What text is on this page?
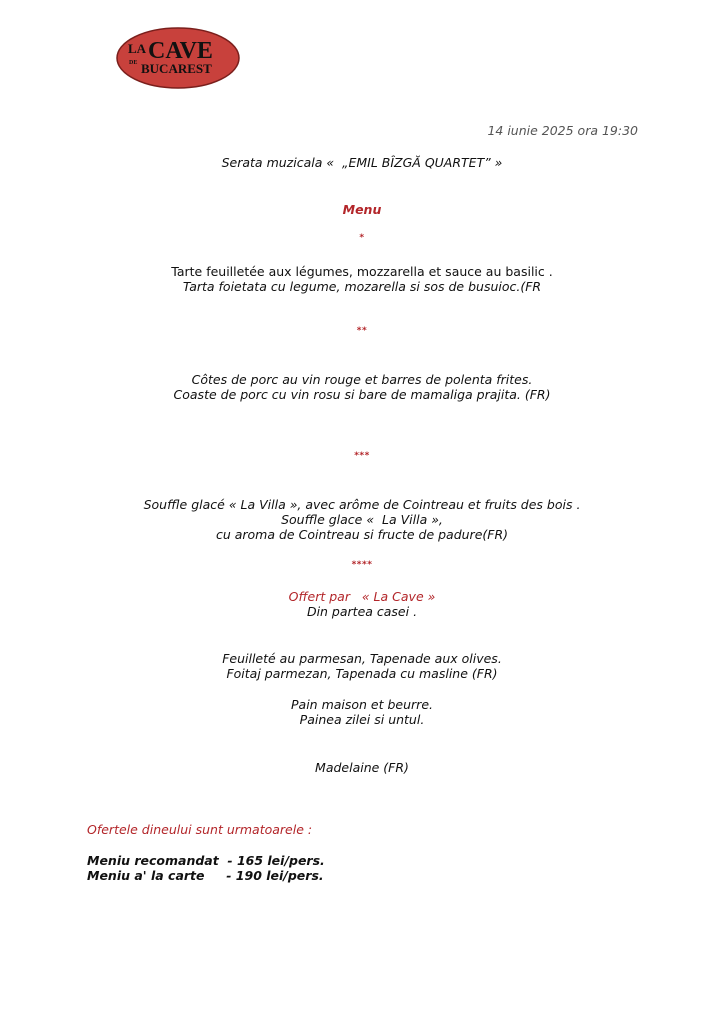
LA CAVE
DE BUCAREST

14 iunie 2025 ora 19:30

Serata muzicala «  „EMIL BÎZGĂ QUARTET” »

Menu

*

Tarte feuilletée aux légumes, mozzarella et sauce au basilic .

Tarta foietata cu legume, mozarella si sos de busuioc.(FR

**

Côtes de porc au vin rouge et barres de polenta frites.

Coaste de porc cu vin rosu si bare de mamaliga prajita. (FR)

***

Souffle glacé « La Villa », avec arôme de Cointreau et fruits des bois .

Souffle glace «  La Villa »,

cu aroma de Cointreau si fructe de padure(FR)

****

Offert par   « La Cave »

Din partea casei .

Feuilleté au parmesan, Tapenade aux olives.

Foitaj parmezan, Tapenada cu masline (FR)

Pain maison et beurre.

Painea zilei si untul.

Madelaine (FR)

Ofertele dineului sunt urmatoarele :

Meniu recomandat  - 165 lei/pers.

Meniu a' la carte     - 190 lei/pers.
